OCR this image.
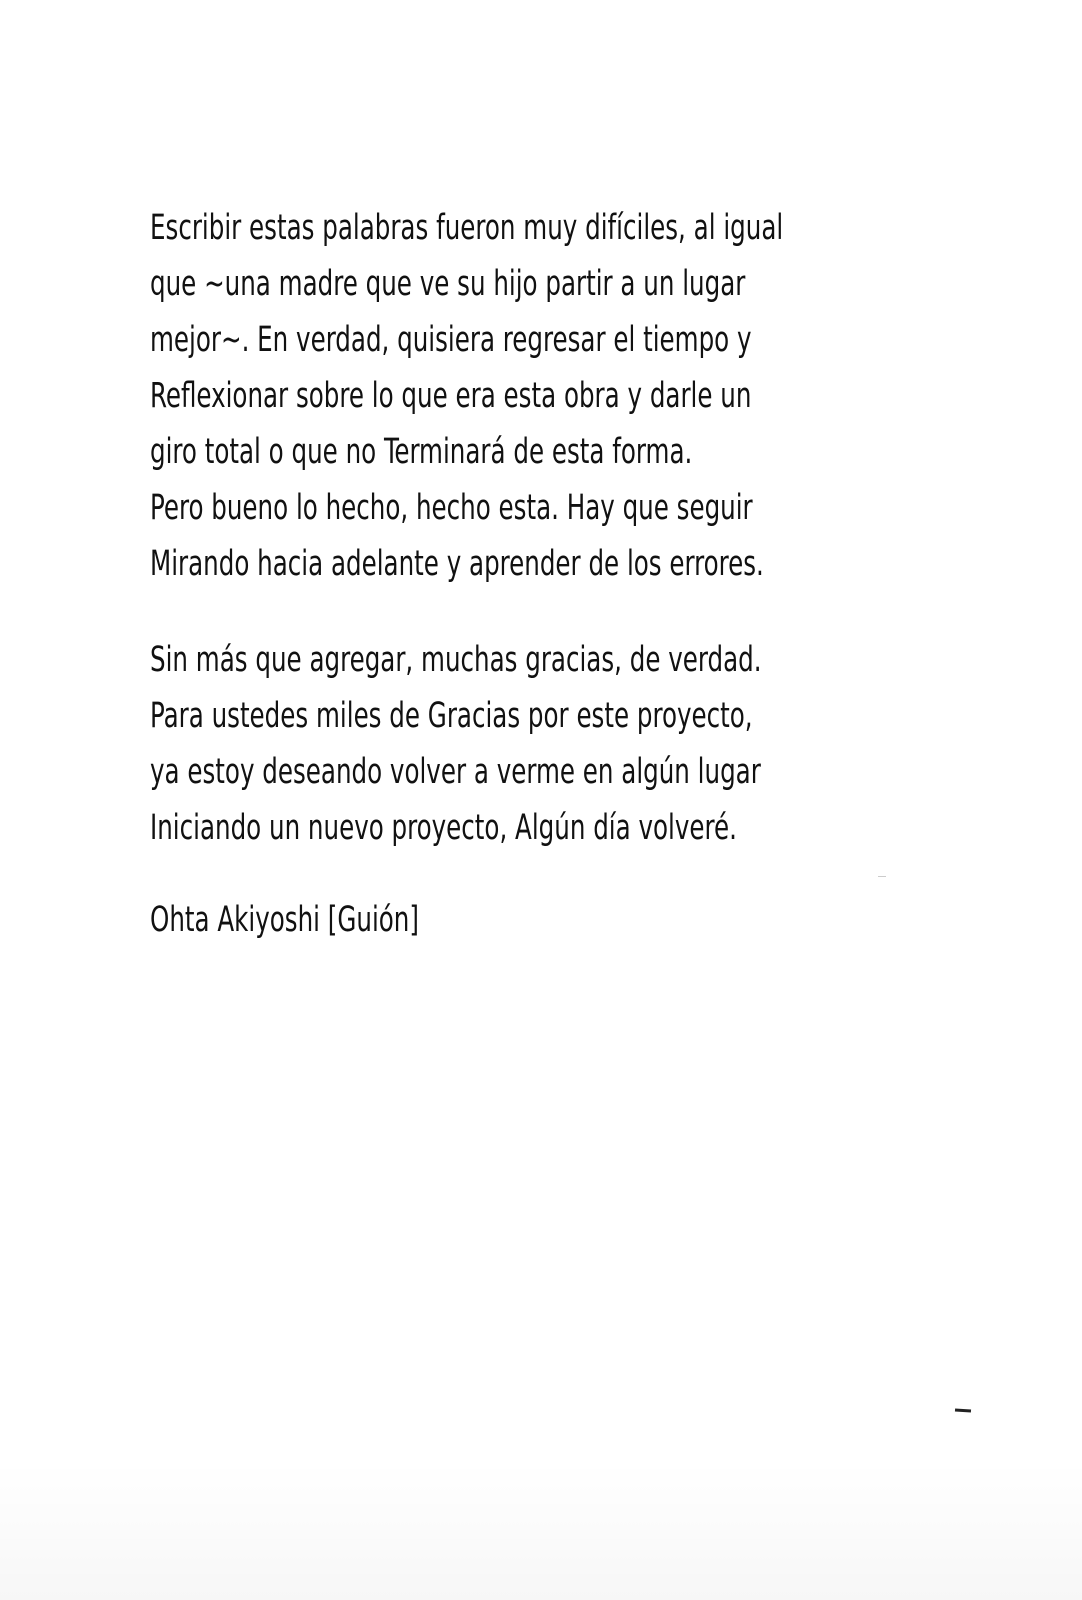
Escribir estas palabras fueron muy difíciles, al igual
que ~una madre que ve su hijo partir a un lugar
mejor~. En verdad, quisiera regresar el tiempo y
Reflexionar sobre lo que era esta obra y darle un
giro total o que no Terminará de esta forma.
Pero bueno lo hecho, hecho esta. Hay que seguir
Mirando hacia adelante y aprender de los errores.
Sin más que agregar, muchas gracias, de verdad.
Para ustedes miles de Gracias por este proyecto,
ya estoy deseando volver a verme en algún lugar
Iniciando un nuevo proyecto, Algún día volveré.
Ohta Akiyoshi [Guión]
